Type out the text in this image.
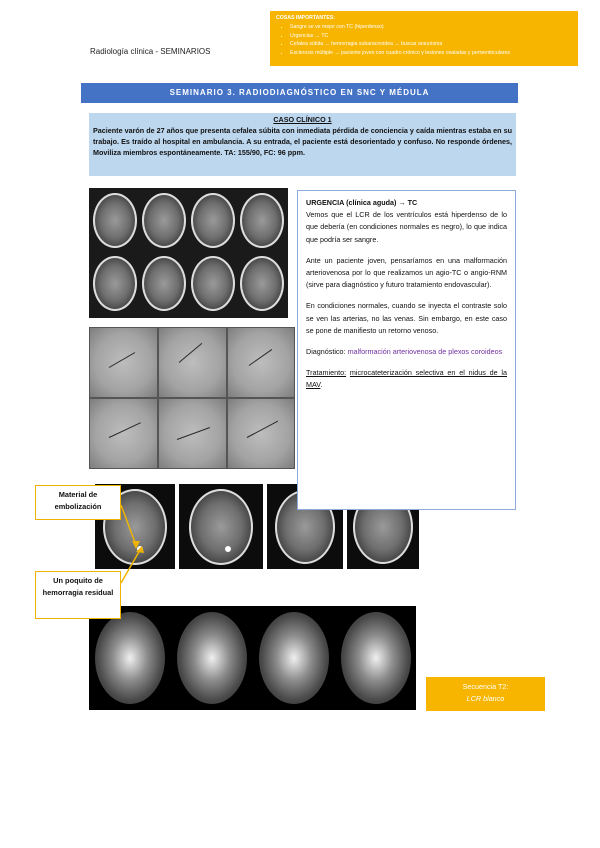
Radiología clínica - SEMINARIOS
COSAS IMPORTANTES:
• Sangre se ve mejor con TC (hiperdenso)
• Urgencias → TC
• Cefalea súbita → hemorragia subaracnoidea → buscar aneurisma
• Esclerosis múltiple → paciente joven con cuadro crónico y lesiones ovaladas y periventriculares
SEMINARIO 3. RADIODIAGNÓSTICO EN SNC Y MÉDULA
CASO CLÍNICO 1
Paciente varón de 27 años que presenta cefalea súbita con inmediata pérdida de conciencia y caída mientras estaba en su trabajo. Es traído al hospital en ambulancia. A su entrada, el paciente está desorientado y confuso. No responde órdenes, Moviliza miembros espontáneamente. TA: 155/90, FC: 96 ppm.

URGENCIA (clínica aguda) → TC
Vemos que el LCR de los ventrículos está hiperdenso de lo que debería (en condiciones normales es negro), lo que indica que podría ser sangre.

Ante un paciente joven, pensaríamos en una malformación arteriovenosa por lo que realizamos un agio-TC o angio-RNM (sirve para diagnóstico y futuro tratamiento endovascular).

En condiciones normales, cuando se inyecta el contraste solo se ven las arterias, no las venas. Sin embargo, en este caso se pone de manifiesto un retorno venoso.

Diagnóstico: malformación arteriovenosa de plexos coroideos

Tratamiento: microcateterización selectiva en el nidus de la MAV.

Material de embolización
Un poquito de hemorragia residual
Secuencia T2:
LCR blanco
